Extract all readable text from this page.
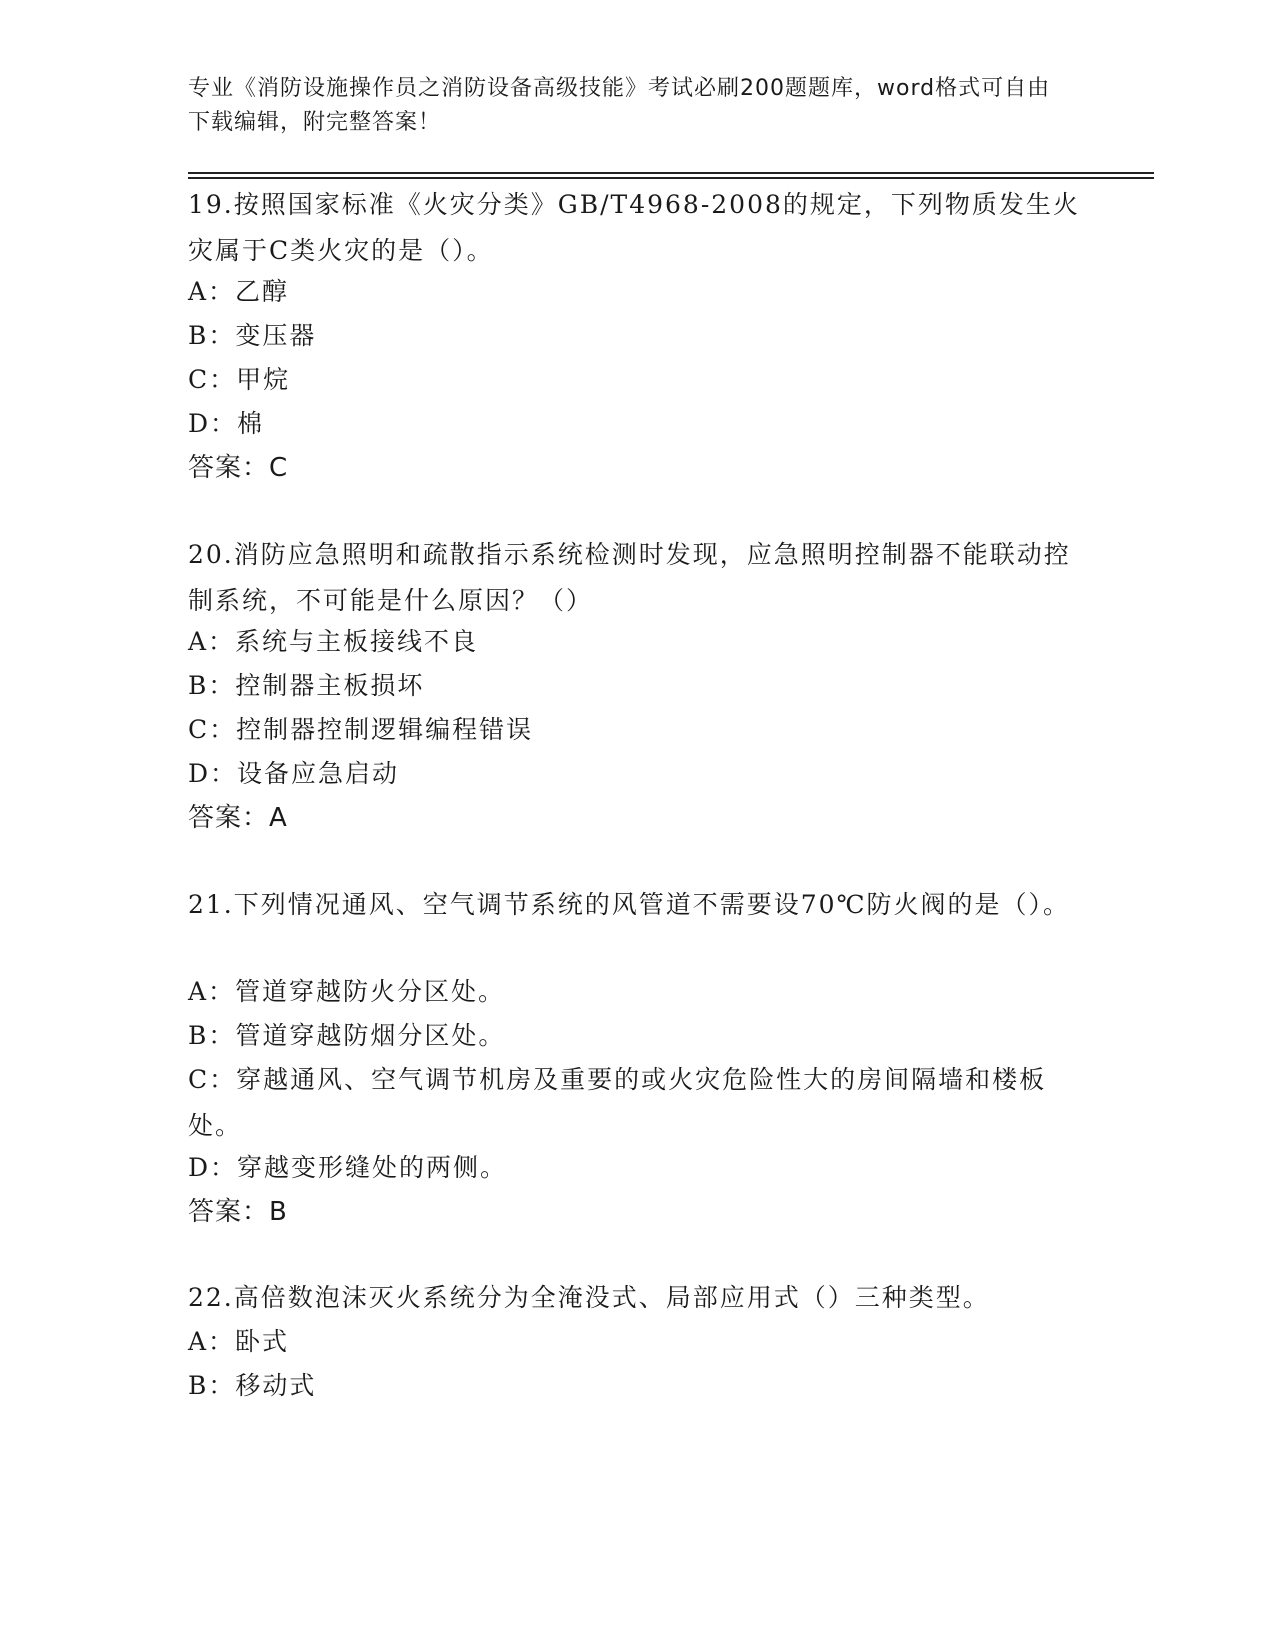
专业《消防设施操作员之消防设备高级技能》考试必刷200题题库，word格式可自由下载编辑，附完整答案！
19.按照国家标准《火灾分类》GB/T4968-2008的规定，下列物质发生火灾属于C类火灾的是（）。
A：乙醇
B：变压器
C：甲烷
D：棉
答案：C
20.消防应急照明和疏散指示系统检测时发现，应急照明控制器不能联动控制系统，不可能是什么原因？（）
A：系统与主板接线不良
B：控制器主板损坏
C：控制器控制逻辑编程错误
D：设备应急启动
答案：A
21.下列情况通风、空气调节系统的风管道不需要设70℃防火阀的是（）。
A：管道穿越防火分区处。
B：管道穿越防烟分区处。
C：穿越通风、空气调节机房及重要的或火灾危险性大的房间隔墙和楼板处。
D：穿越变形缝处的两侧。
答案：B
22.高倍数泡沫灭火系统分为全淹没式、局部应用式（）三种类型。
A：卧式
B：移动式
